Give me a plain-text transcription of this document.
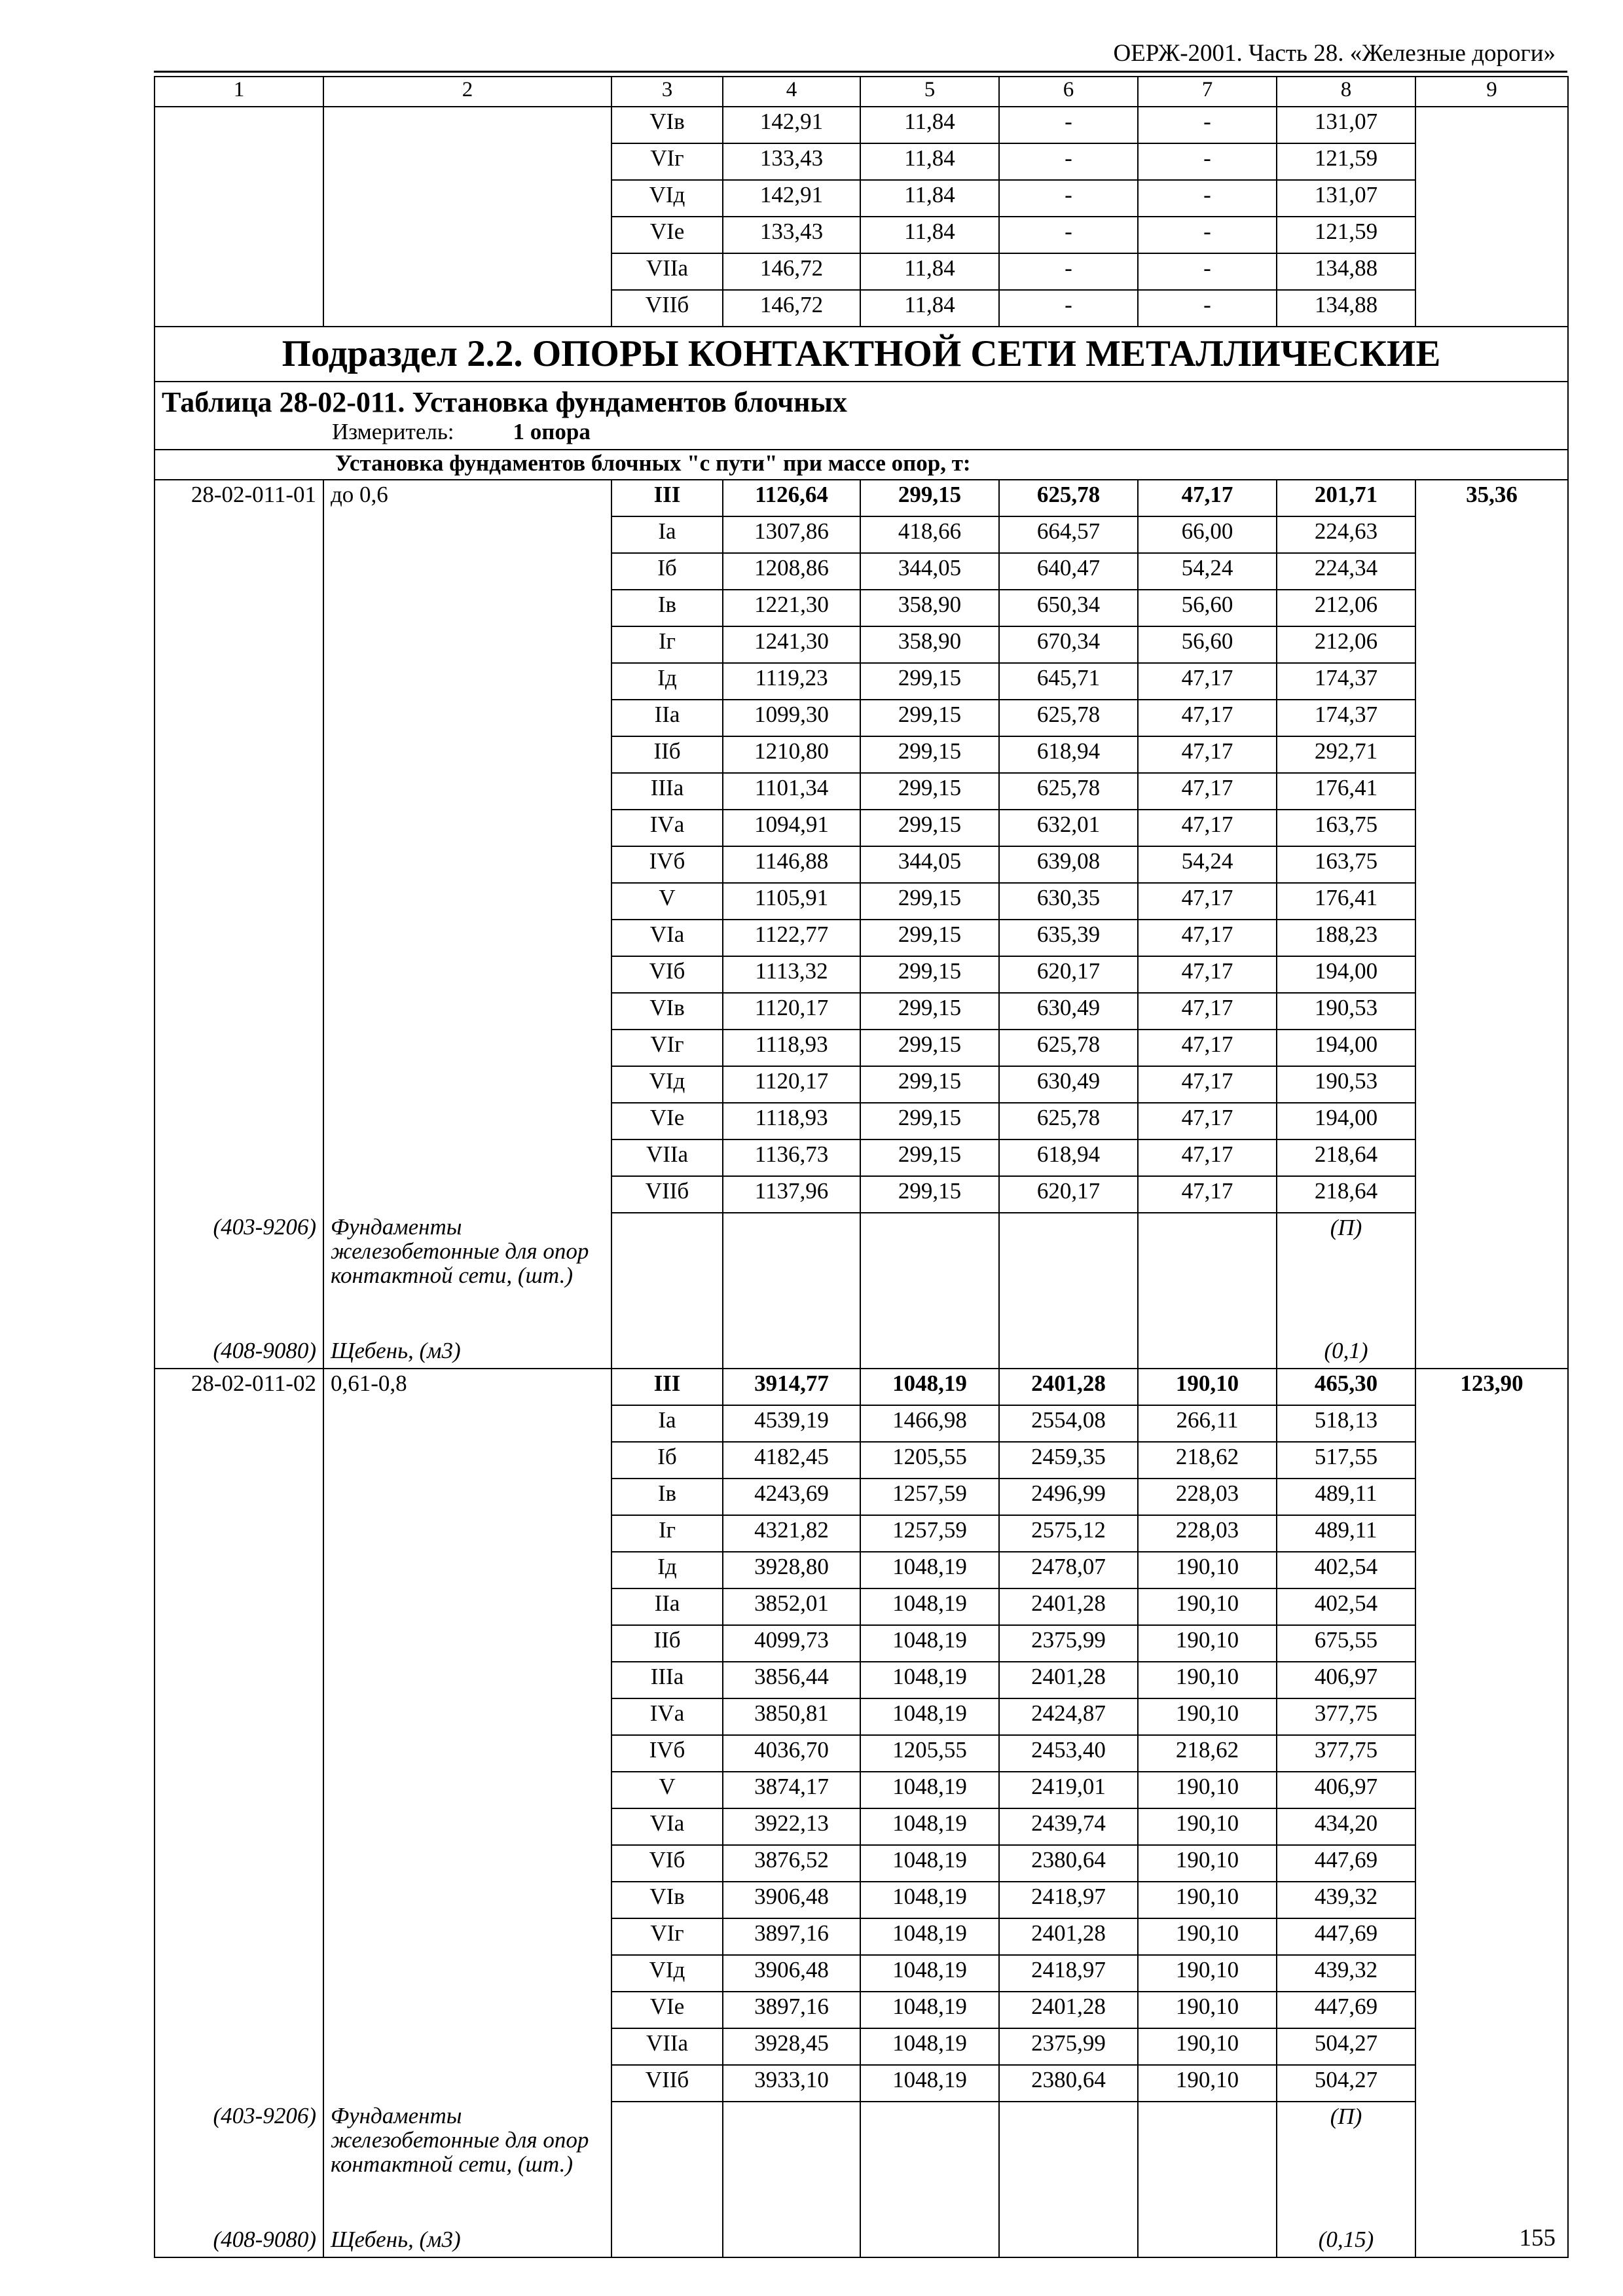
ОЕРЖ-2001. Часть 28. «Железные дороги»
1	2	3	4	5	6	7	8	9
		VIв	142,91	11,84	-	-	131,07	
		VIг	133,43	11,84	-	-	121,59	
		VIд	142,91	11,84	-	-	131,07	
		VIе	133,43	11,84	-	-	121,59	
		VIIа	146,72	11,84	-	-	134,88	
		VIIб	146,72	11,84	-	-	134,88	
Подраздел 2.2. ОПОРЫ КОНТАКТНОЙ СЕТИ МЕТАЛЛИЧЕСКИЕ								
Таблица 28-02-011. Установка фундаментов блочных								
Измеритель: 1 опора								
Установка фундаментов блочных "с пути" при массе опор, т:								
28-02-011-01	до 0,6	III	1126,64	299,15	625,78	47,17	201,71	35,36
		Iа	1307,86	418,66	664,57	66,00	224,63	
		Iб	1208,86	344,05	640,47	54,24	224,34	
		Iв	1221,30	358,90	650,34	56,60	212,06	
		Iг	1241,30	358,90	670,34	56,60	212,06	
		Iд	1119,23	299,15	645,71	47,17	174,37	
		IIа	1099,30	299,15	625,78	47,17	174,37	
		IIб	1210,80	299,15	618,94	47,17	292,71	
		IIIа	1101,34	299,15	625,78	47,17	176,41	
		IVа	1094,91	299,15	632,01	47,17	163,75	
		IVб	1146,88	344,05	639,08	54,24	163,75	
		V	1105,91	299,15	630,35	47,17	176,41	
		VIа	1122,77	299,15	635,39	47,17	188,23	
		VIб	1113,32	299,15	620,17	47,17	194,00	
		VIв	1120,17	299,15	630,49	47,17	190,53	
		VIг	1118,93	299,15	625,78	47,17	194,00	
		VIд	1120,17	299,15	630,49	47,17	190,53	
		VIе	1118,93	299,15	625,78	47,17	194,00	
		VIIа	1136,73	299,15	618,94	47,17	218,64	
		VIIб	1137,96	299,15	620,17	47,17	218,64	
(403-9206)	Фундаменты железобетонные для опор контактной сети, (шт.)						(П)	
(408-9080)	Щебень, (м3)						(0,1)	
28-02-011-02	0,61-0,8	III	3914,77	1048,19	2401,28	190,10	465,30	123,90
		Iа	4539,19	1466,98	2554,08	266,11	518,13	
		Iб	4182,45	1205,55	2459,35	218,62	517,55	
		Iв	4243,69	1257,59	2496,99	228,03	489,11	
		Iг	4321,82	1257,59	2575,12	228,03	489,11	
		Iд	3928,80	1048,19	2478,07	190,10	402,54	
		IIа	3852,01	1048,19	2401,28	190,10	402,54	
		IIб	4099,73	1048,19	2375,99	190,10	675,55	
		IIIа	3856,44	1048,19	2401,28	190,10	406,97	
		IVа	3850,81	1048,19	2424,87	190,10	377,75	
		IVб	4036,70	1205,55	2453,40	218,62	377,75	
		V	3874,17	1048,19	2419,01	190,10	406,97	
		VIа	3922,13	1048,19	2439,74	190,10	434,20	
		VIб	3876,52	1048,19	2380,64	190,10	447,69	
		VIв	3906,48	1048,19	2418,97	190,10	439,32	
		VIг	3897,16	1048,19	2401,28	190,10	447,69	
		VIд	3906,48	1048,19	2418,97	190,10	439,32	
		VIе	3897,16	1048,19	2401,28	190,10	447,69	
		VIIа	3928,45	1048,19	2375,99	190,10	504,27	
		VIIб	3933,10	1048,19	2380,64	190,10	504,27	
(403-9206)	Фундаменты железобетонные для опор контактной сети, (шт.)						(П)	
(408-9080)	Щебень, (м3)						(0,15)		155
